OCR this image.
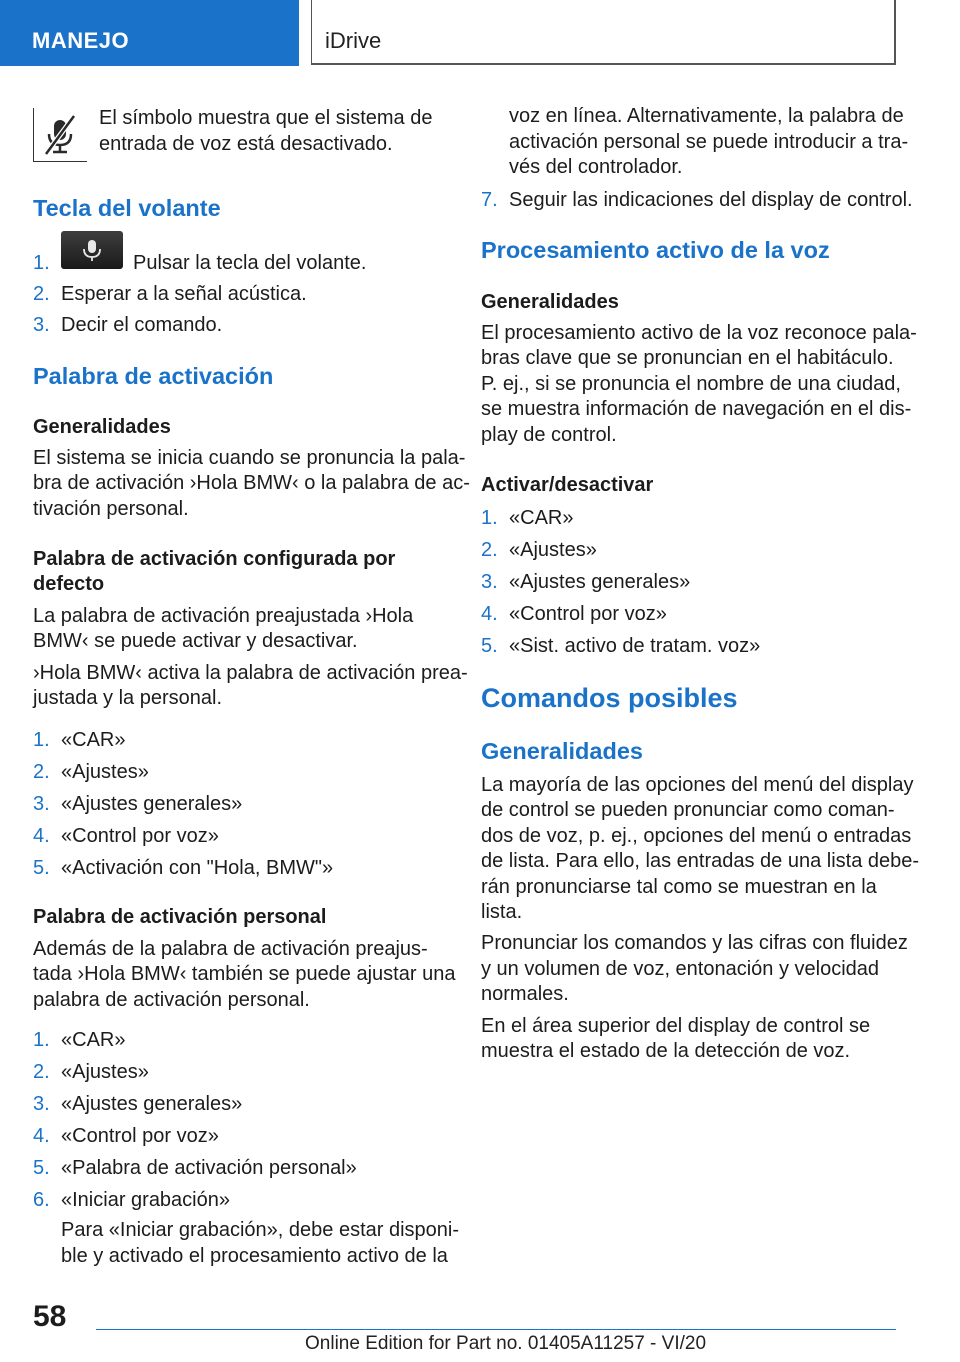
MANEJO	iDrive
El símbolo muestra que el sistema de
entrada de voz está desactivado.
Tecla del volante
1.	Pulsar la tecla del volante.
2. Esperar a la señal acústica.
3. Decir el comando.
Palabra de activación
Generalidades
El sistema se inicia cuando se pronuncia la pala-
bra de activación ›Hola BMW‹ o la palabra de ac-
tivación personal.
Palabra de activación configurada por
defecto
La palabra de activación preajustada ›Hola
BMW‹ se puede activar y desactivar.
›Hola BMW‹ activa la palabra de activación prea-
justada y la personal.
1. «CAR»
2. «Ajustes»
3. «Ajustes generales»
4. «Control por voz»
5. «Activación con "Hola, BMW"»
Palabra de activación personal
Además de la palabra de activación preajus-
tada ›Hola BMW‹ también se puede ajustar una
palabra de activación personal.
1. «CAR»
2. «Ajustes»
3. «Ajustes generales»
4. «Control por voz»
5. «Palabra de activación personal»
6. «Iniciar grabación»
Para «Iniciar grabación», debe estar disponi-
ble y activado el procesamiento activo de la
voz en línea. Alternativamente, la palabra de
activación personal se puede introducir a tra-
vés del controlador.
7. Seguir las indicaciones del display de control.
Procesamiento activo de la voz
Generalidades
El procesamiento activo de la voz reconoce pala-
bras clave que se pronuncian en el habitáculo.
P. ej., si se pronuncia el nombre de una ciudad,
se muestra información de navegación en el dis-
play de control.
Activar/desactivar
1. «CAR»
2. «Ajustes»
3. «Ajustes generales»
4. «Control por voz»
5. «Sist. activo de tratam. voz»
Comandos posibles
Generalidades
La mayoría de las opciones del menú del display
de control se pueden pronunciar como coman-
dos de voz, p. ej., opciones del menú o entradas
de lista. Para ello, las entradas de una lista debe-
rán pronunciarse tal como se muestran en la
lista.
Pronunciar los comandos y las cifras con fluidez
y un volumen de voz, entonación y velocidad
normales.
En el área superior del display de control se
muestra el estado de la detección de voz.
58
Online Edition for Part no. 01405A11257 - VI/20
